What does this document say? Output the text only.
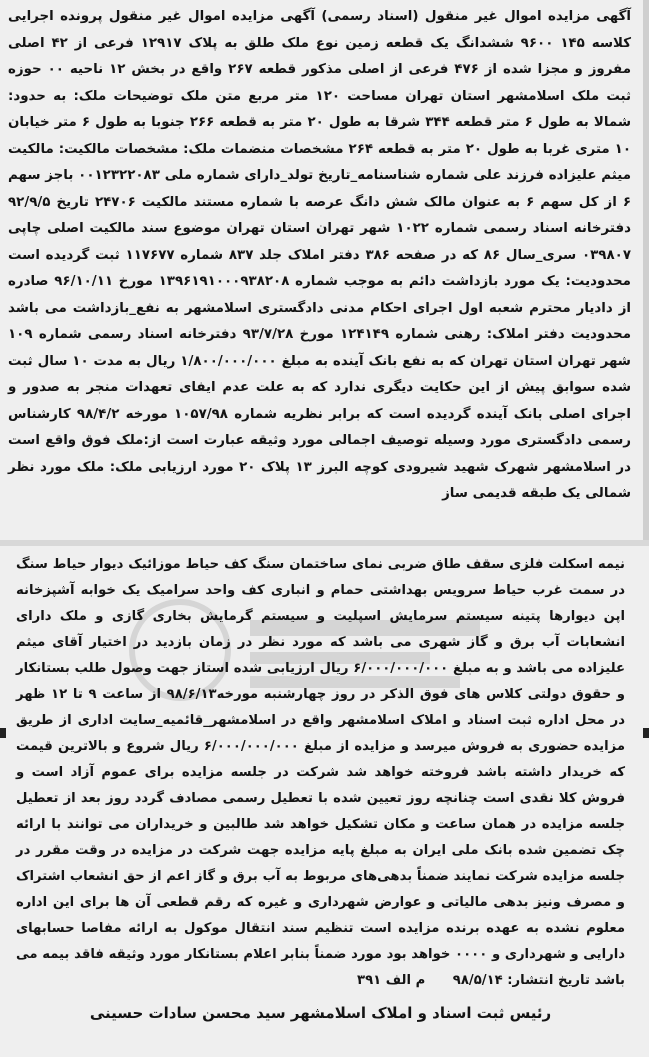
آگهی مزایده اموال غیر منقول (اسناد رسمی) آگهی مزایده اموال غیر منقول پرونده اجرایی کلاسه ۱۴۵ ۹۶۰۰ ششدانگ یک قطعه زمین نوع ملک طلق به پلاک ۱۲۹۱۷ فرعی از ۴۲ اصلی مفروز و مجزا شده از ۴۷۶ فرعی از اصلی مذکور قطعه ۲۶۷ واقع در بخش ۱۲ ناحیه ۰۰ حوزه ثبت ملک اسلامشهر استان تهران مساحت ۱۲۰ متر مربع متن ملک توضیحات ملک: به حدود: شمالا به طول ۶ متر قطعه ۳۴۴ شرقا به طول ۲۰ متر به قطعه ۲۶۶ جنوبا به طول ۶ متر خیابان ۱۰ متری غربا به طول ۲۰ متر به قطعه ۲۶۴ مشخصات منضمات ملک: مشخصات مالکیت: مالکیت میثم علیزاده فرزند علی شماره شناسنامه_تاریخ تولد_دارای شماره ملی ۰۰۱۲۳۲۲۰۸۳ باجز سهم ۶ از کل سهم ۶ به عنوان مالک شش دانگ عرصه با شماره مستند مالکیت ۲۴۷۰۶ تاریخ ۹۲/۹/۵ دفترخانه اسناد رسمی شماره ۱۰۲۲ شهر تهران استان تهران موضوع سند مالکیت اصلی چاپی ۰۳۹۸۰۷ سری_سال ۸۶ که در صفحه ۳۸۶ دفتر املاک جلد ۸۳۷ شماره ۱۱۷۶۷۷ ثبت گردیده است محدودیت: یک مورد بازداشت دائم به موجب شماره ۱۳۹۶۱۹۱۰۰۰۹۳۸۲۰۸ مورخ ۹۶/۱۰/۱۱ صادره از دادیار محترم شعبه اول اجرای احکام مدنی دادگستری اسلامشهر به نفع_بازداشت می باشد محدودیت دفتر املاک: رهنی شماره ۱۲۴۱۴۹ مورخ ۹۳/۷/۲۸ دفترخانه اسناد رسمی شماره ۱۰۹ شهر تهران استان تهران که به نفع بانک آینده به مبلغ ۱/۸۰۰/۰۰۰/۰۰۰ ریال به مدت ۱۰ سال ثبت شده سوابق پیش از این حکایت دیگری ندارد که به علت عدم ایفای تعهدات منجر به صدور و اجرای اصلی بانک آینده گردیده است که برابر نظریه شماره ۱۰۵۷/۹۸ مورخه ۹۸/۴/۲ کارشناس رسمی دادگستری مورد وسیله توصیف اجمالی مورد وثیقه عبارت است از:ملک فوق واقع است در اسلامشهر شهرک شهید شیرودی کوچه البرز ۱۳ پلاک ۲۰ مورد ارزیابی ملک: ملک مورد نظر شمالی یک طبقه قدیمی ساز

نیمه اسکلت فلزی سقف طاق ضربی نمای ساختمان سنگ کف حیاط موزائیک دیوار حیاط سنگ در سمت غرب حیاط سرویس بهداشتی حمام و انباری کف واحد سرامیک یک خوابه آشپزخانه اپن دیوارها پتینه سیستم سرمایش اسپلیت و سیستم گرمایش بخاری گازی و ملک دارای انشعابات آب برق و گاز شهری می باشد که مورد نظر در زمان بازدید در اختیار آقای میثم علیزاده می باشد و به مبلغ ۶/۰۰۰/۰۰۰/۰۰۰ ریال ارزیابی شده استاز جهت وصول طلب بستانکار و حقوق دولتی کلاس های فوق الذکر در روز چهارشنبه مورخه۹۸/۶/۱۳ از ساعت ۹ تا ۱۲ ظهر در محل اداره ثبت اسناد و املاک اسلامشهر واقع در اسلامشهر_قائمیه_سایت اداری از طریق مزایده حضوری به فروش میرسد و مزایده از مبلغ ۶/۰۰۰/۰۰۰/۰۰۰ ریال شروع و بالاترین قیمت که خریدار داشته باشد فروخته خواهد شد شرکت در جلسه مزایده برای عموم آزاد است و فروش کلا نقدی است چنانچه روز تعیین شده با تعطیل رسمی مصادف گردد روز بعد از تعطیل جلسه مزایده در همان ساعت و مکان تشکیل خواهد شد طالبین و خریداران می توانند با ارائه چک تضمین شده بانک ملی ایران به مبلغ پایه مزایده جهت شرکت در مزایده در وقت مقرر در جلسه مزایده شرکت نمایند ضمناً بدهی‌های مربوط به آب برق و گاز اعم از حق انشعاب اشتراک و مصرف ونیز بدهی مالیاتی و عوارض شهرداری و غیره که رقم قطعی آن ها برای این اداره معلوم نشده به عهده برنده مزایده است تنظیم سند انتقال موکول به ارائه مفاصا حسابهای دارایی و شهرداری و ۰۰۰۰ خواهد بود مورد ضمناً بنابر اعلام بستانکار مورد وثیقه فاقد بیمه می باشد تاریخ انتشار: ۹۸/۵/۱۴      م الف ۳۹۱

رئیس ثبت اسناد و املاک اسلامشهر سید محسن سادات حسینی
